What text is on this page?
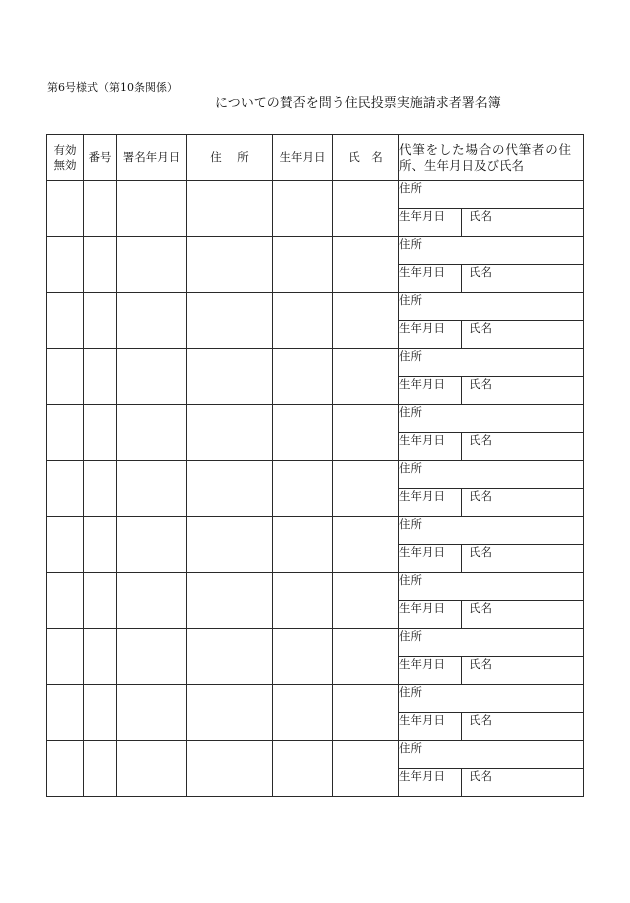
第6号様式（第10条関係）
についての賛否を問う住民投票実施請求者署名簿
有効
無効	番号	署名年月日	住　所	生年月日	氏　名	代筆をした場合の代筆者の住所、生年月日及び氏名	

						住所	
						生年月日	氏名
						住所	
						生年月日	氏名
						住所	
						生年月日	氏名
						住所	
						生年月日	氏名
						住所	
						生年月日	氏名
						住所	
						生年月日	氏名
						住所	
						生年月日	氏名
						住所	
						生年月日	氏名
						住所	
						生年月日	氏名
						住所	
						生年月日	氏名
						住所	
						生年月日	氏名
